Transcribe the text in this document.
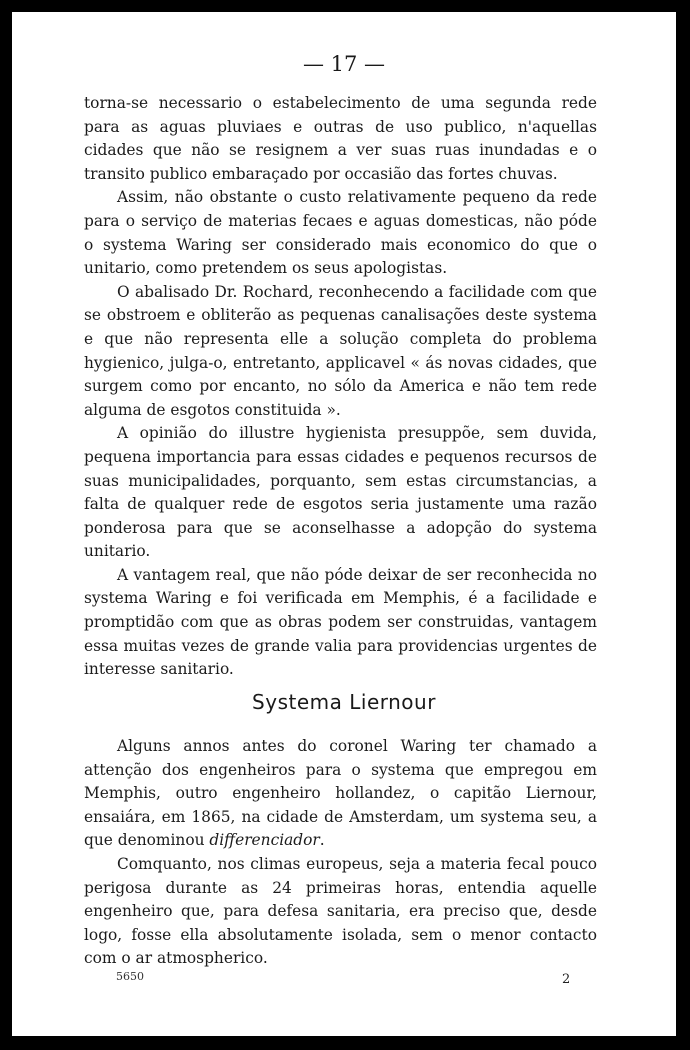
— 17 —

torna-se necessario o estabelecimento de uma segunda rede para as aguas pluviaes e outras de uso publico, n'aquellas cidades que não se resignem a ver suas ruas inundadas e o transito publico embaraçado por occasião das fortes chuvas.

Assim, não obstante o custo relativamente pequeno da rede para o serviço de materias fecaes e aguas domesticas, não póde o systema Waring ser considerado mais economico do que o unitario, como pretendem os seus apologistas.

O abalisado Dr. Rochard, reconhecendo a facilidade com que se obstroem e obliterão as pequenas canalisações deste systema e que não representa elle a solução completa do problema hygienico, julga-o, entretanto, applicavel « ás novas cidades, que surgem como por encanto, no sólo da America e não tem rede alguma de esgotos constituida ».

A opinião do illustre hygienista presuppõe, sem duvida, pequena importancia para essas cidades e pequenos recursos de suas municipalidades, porquanto, sem estas circumstancias, a falta de qualquer rede de esgotos seria justamente uma razão ponderosa para que se aconselhasse a adopção do systema unitario.

A vantagem real, que não póde deixar de ser reconhecida no systema Waring e foi verificada em Memphis, é a facilidade e promptidão com que as obras podem ser construidas, vantagem essa muitas vezes de grande valia para providencias urgentes de interesse sanitario.

Systema Liernour

Alguns annos antes do coronel Waring ter chamado a attenção dos engenheiros para o systema que empregou em Memphis, outro engenheiro hollandez, o capitão Liernour, ensaiára, em 1865, na cidade de Amsterdam, um systema seu, a que denominou differenciador.

Comquanto, nos climas europeus, seja a materia fecal pouco perigosa durante as 24 primeiras horas, entendia aquelle engenheiro que, para defesa sanitaria, era preciso que, desde logo, fosse ella absolutamente isolada, sem o menor contacto com o ar atmospherico.

5650	2
